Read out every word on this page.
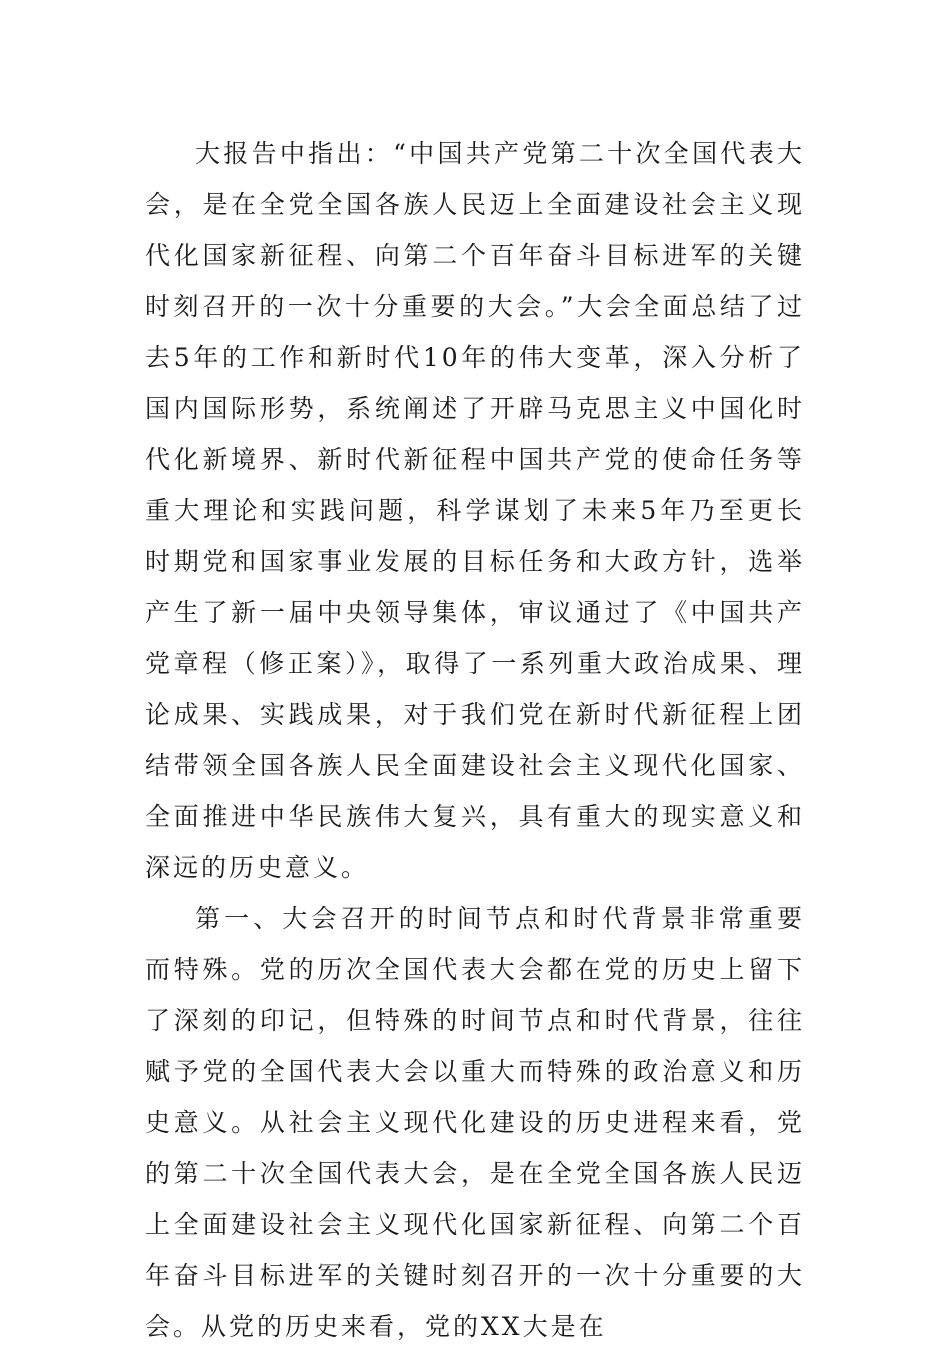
大报告中指出：“中国共产党第二十次全国代表大会，是在全党全国各族人民迈上全面建设社会主义现代化国家新征程、向第二个百年奋斗目标进军的关键时刻召开的一次十分重要的大会。”大会全面总结了过去5年的工作和新时代10年的伟大变革，深入分析了国内国际形势，系统阐述了开辟马克思主义中国化时代化新境界、新时代新征程中国共产党的使命任务等重大理论和实践问题，科学谋划了未来5年乃至更长时期党和国家事业发展的目标任务和大政方针，选举产生了新一届中央领导集体，审议通过了《中国共产党章程（修正案）》，取得了一系列重大政治成果、理论成果、实践成果，对于我们党在新时代新征程上团结带领全国各族人民全面建设社会主义现代化国家、全面推进中华民族伟大复兴，具有重大的现实意义和深远的历史意义。

第一、大会召开的时间节点和时代背景非常重要而特殊。党的历次全国代表大会都在党的历史上留下了深刻的印记，但特殊的时间节点和时代背景，往往赋予党的全国代表大会以重大而特殊的政治意义和历史意义。从社会主义现代化建设的历史进程来看，党的第二十次全国代表大会，是在全党全国各族人民迈上全面建设社会主义现代化国家新征程、向第二个百年奋斗目标进军的关键时刻召开的一次十分重要的大会。从党的历史来看，党的XX大是在
